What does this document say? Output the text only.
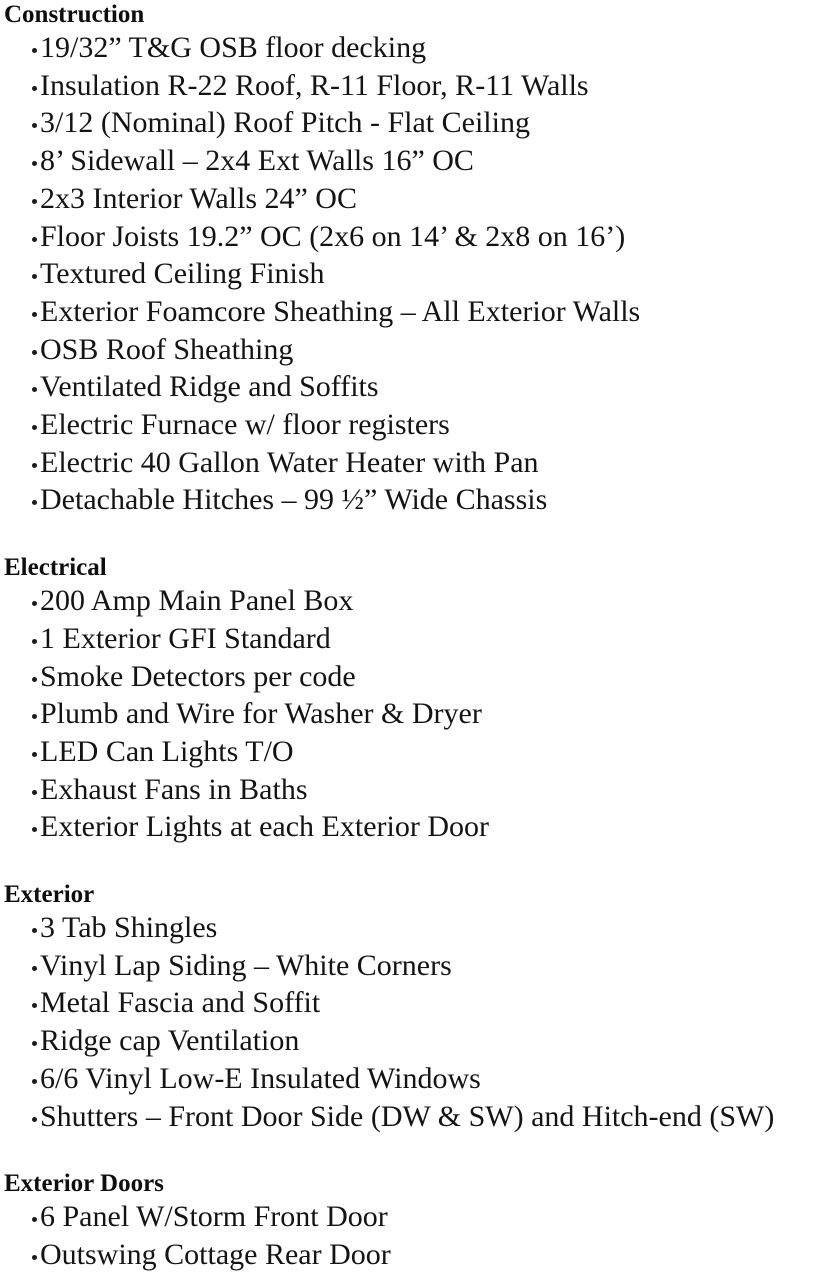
Construction
19/32” T&G OSB floor decking
Insulation R-22 Roof, R-11 Floor, R-11 Walls
3/12 (Nominal) Roof Pitch - Flat Ceiling
8’ Sidewall – 2x4 Ext Walls 16” OC
2x3 Interior Walls 24” OC
Floor Joists 19.2” OC (2x6 on 14’ & 2x8 on 16’)
Textured Ceiling Finish
Exterior Foamcore Sheathing – All Exterior Walls
OSB Roof Sheathing
Ventilated Ridge and Soffits
Electric Furnace w/ floor registers
Electric 40 Gallon Water Heater with Pan
Detachable Hitches – 99 ½” Wide Chassis
Electrical
200 Amp Main Panel Box
1 Exterior GFI Standard
Smoke Detectors per code
Plumb and Wire for Washer & Dryer
LED Can Lights T/O
Exhaust Fans in Baths
Exterior Lights at each Exterior Door
Exterior
3 Tab Shingles
Vinyl Lap Siding – White Corners
Metal Fascia and Soffit
Ridge cap Ventilation
6/6 Vinyl Low-E Insulated Windows
Shutters – Front Door Side (DW & SW) and Hitch-end (SW)
Exterior Doors
6 Panel W/Storm Front Door
Outswing Cottage Rear Door
